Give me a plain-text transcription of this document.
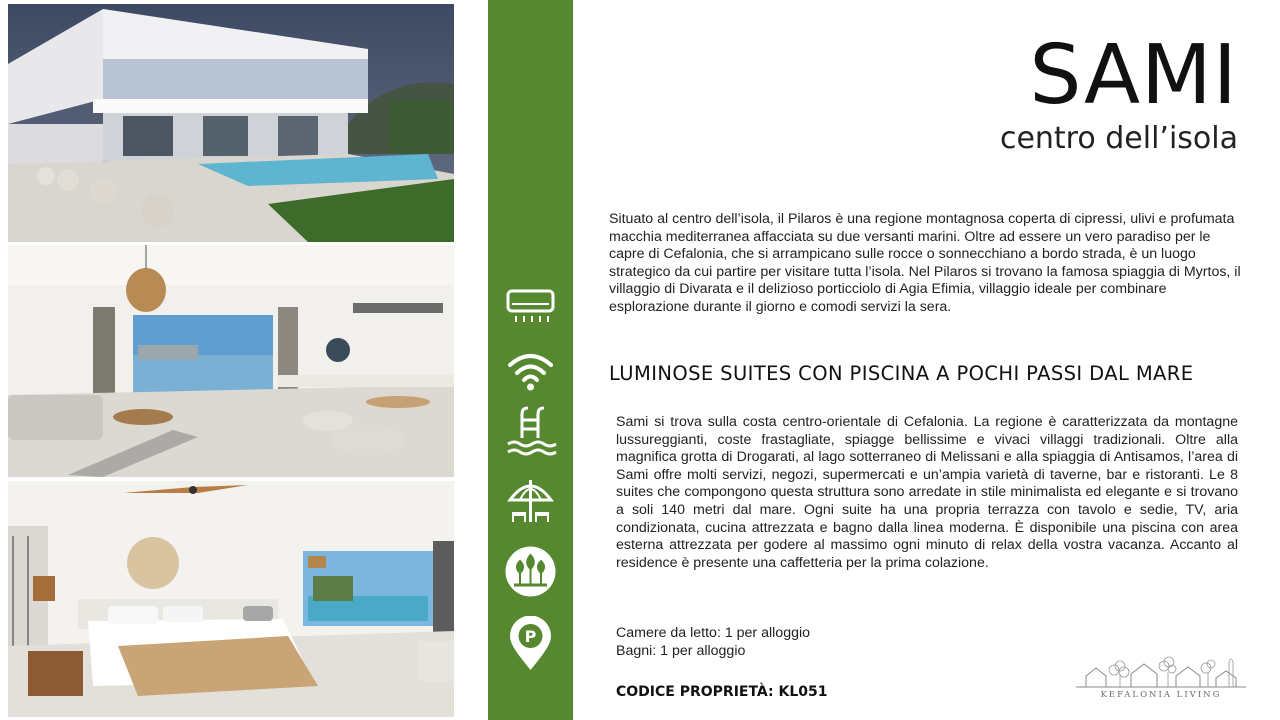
P
SAMI
centro dell’isola
Situato al centro dell’isola, il Pilaros è una regione montagnosa coperta di cipressi, ulivi e profumata macchia mediterranea affacciata su due versanti marini. Oltre ad essere un vero paradiso per le capre di Cefalonia, che si arrampicano sulle rocce o sonnecchiano a bordo strada, è un luogo strategico da cui partire per visitare tutta l’isola. Nel Pilaros si trovano la famosa spiaggia di Myrtos, il villaggio di Divarata e il delizioso porticciolo di Agia Efimia, villaggio ideale per combinare esplorazione durante il giorno e comodi servizi la sera.
LUMINOSE SUITES CON PISCINA A POCHI PASSI DAL MARE
Sami si trova sulla costa centro-orientale di Cefalonia. La regione è caratterizzata da montagne lussureggianti, coste frastagliate, spiagge bellissime e vivaci villaggi tradizionali. Oltre alla magnifica grotta di Drogarati, al lago sotterraneo di Melissani e alla spiaggia di Antisamos, l’area di Sami offre molti servizi, negozi, supermercati e un’ampia varietà di taverne, bar e ristoranti. Le 8 suites che compongono questa struttura sono arredate in stile minimalista ed elegante e si trovano a soli 140 metri dal mare. Ogni suite ha una propria terrazza con tavolo e sedie, TV, aria condizionata, cucina attrezzata e bagno dalla linea moderna. È disponibile una piscina con area esterna attrezzata per godere al massimo ogni minuto di relax della vostra vacanza. Accanto al residence è presente una caffetteria per la prima colazione.
Camere da letto: 1 per alloggio
Bagni: 1 per alloggio
CODICE PROPRIETÀ: KL051	KEFALONIA LIVING
